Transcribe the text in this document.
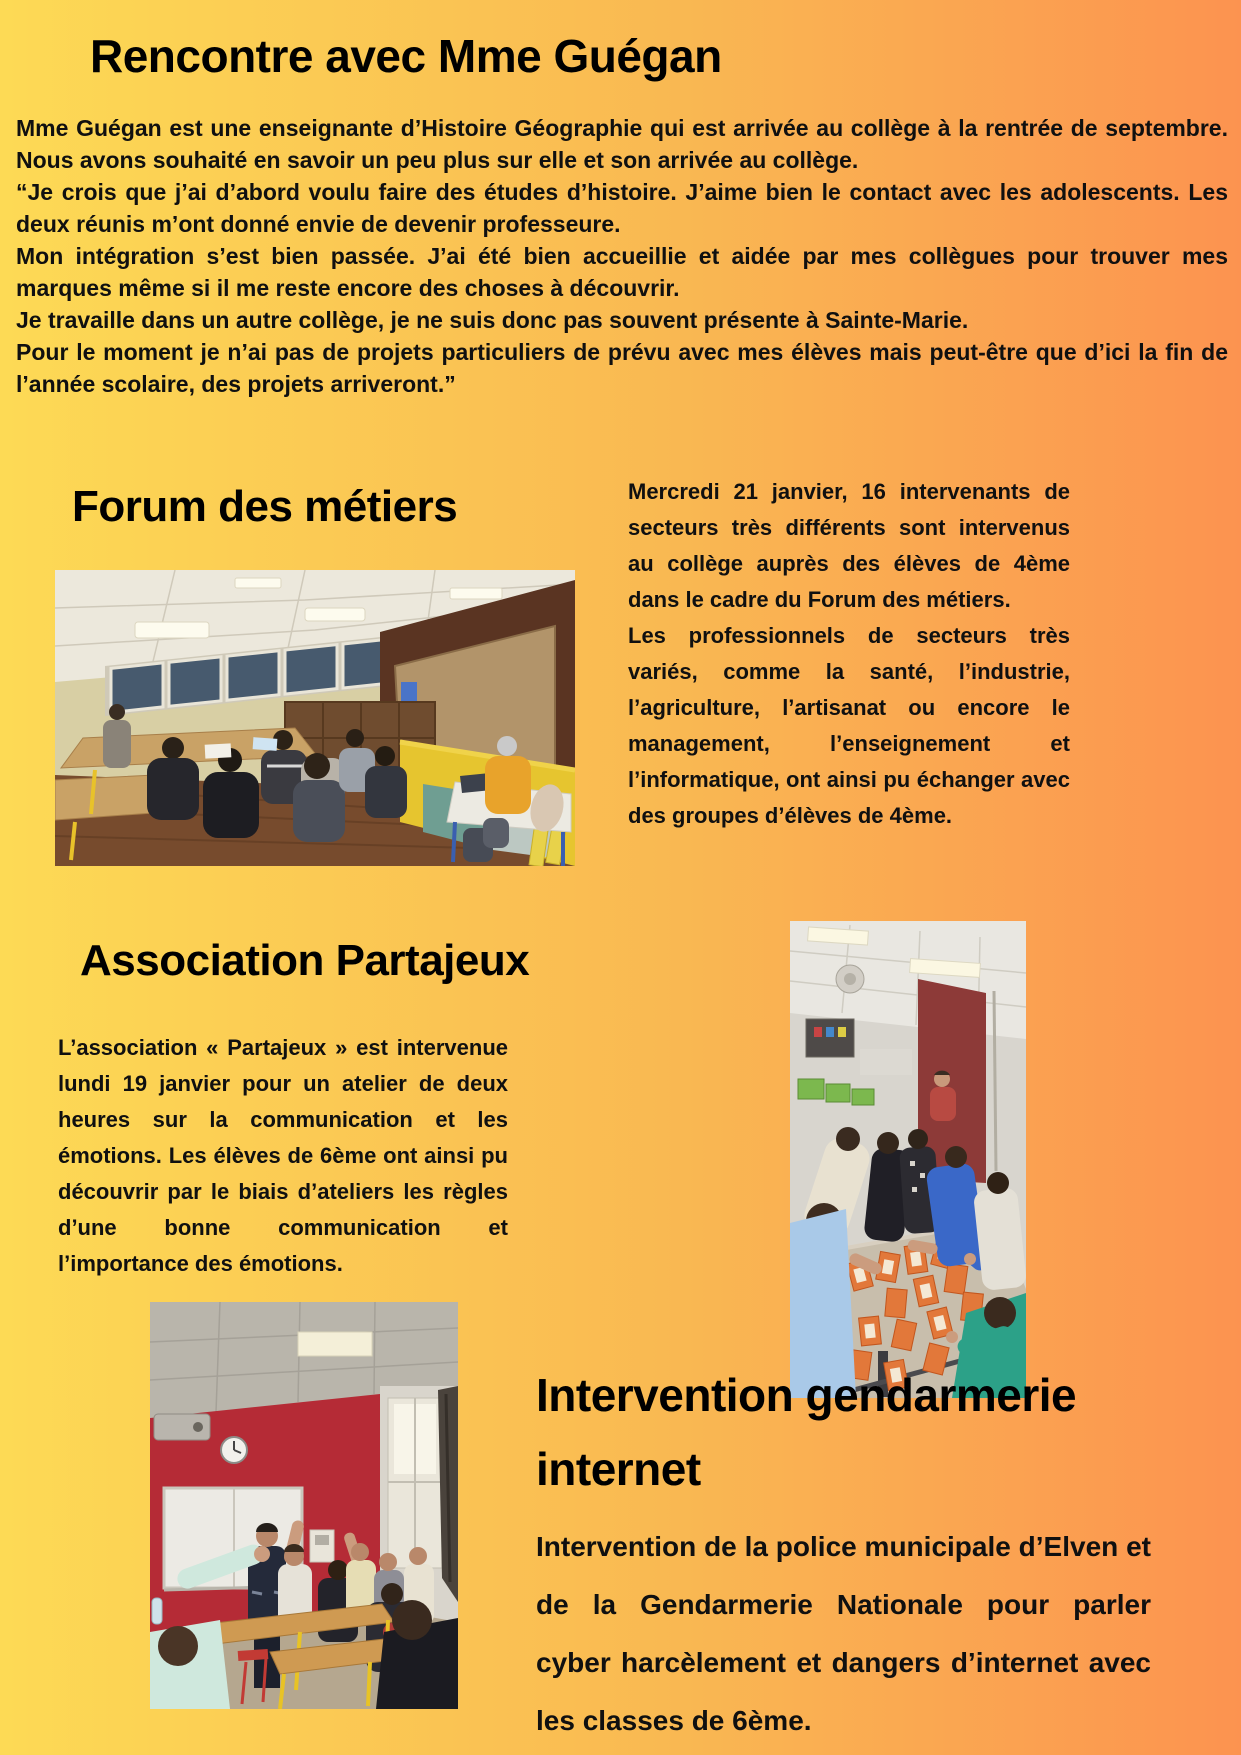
Rencontre avec Mme Guégan

Mme Guégan est une enseignante d’Histoire Géographie qui est arrivée au collège à la rentrée de septembre. Nous avons souhaité en savoir un peu plus sur elle et son arrivée au collège.

“Je crois que j’ai d’abord voulu faire des études d’histoire. J’aime bien le contact avec les adolescents. Les deux réunis m’ont donné envie de devenir professeure.

Mon intégration s’est bien passée. J’ai été bien accueillie et aidée par mes collègues pour trouver mes marques même si il me reste encore des choses à découvrir.

Je travaille dans un autre collège, je ne suis donc pas souvent présente à Sainte-Marie.

Pour le moment je n’ai pas de projets particuliers de prévu avec mes élèves mais peut-être que d’ici la fin de l’année scolaire, des projets arriveront.”

Forum des métiers	Mercredi 21 janvier, 16 intervenants de secteurs très différents sont intervenus au collège auprès des élèves de 4ème dans le cadre du Forum des métiers.

Les professionnels de secteurs très variés, comme la santé, l’industrie, l’agriculture, l’artisanat ou encore le management, l’enseignement et l’informatique, ont ainsi pu échanger avec des groupes d’élèves de 4ème.

Association Partajeux

L’association « Partajeux » est intervenue lundi 19 janvier pour un atelier de deux heures sur la communication et les émotions. Les élèves de 6ème ont ainsi pu découvrir par le biais d’ateliers les règles d’une bonne communication et l’importance des émotions.

Intervention gendarmerie internet

Intervention de la police municipale d’Elven et de la Gendarmerie Nationale pour parler cyber harcèlement et dangers d’internet avec les classes de 6ème.
